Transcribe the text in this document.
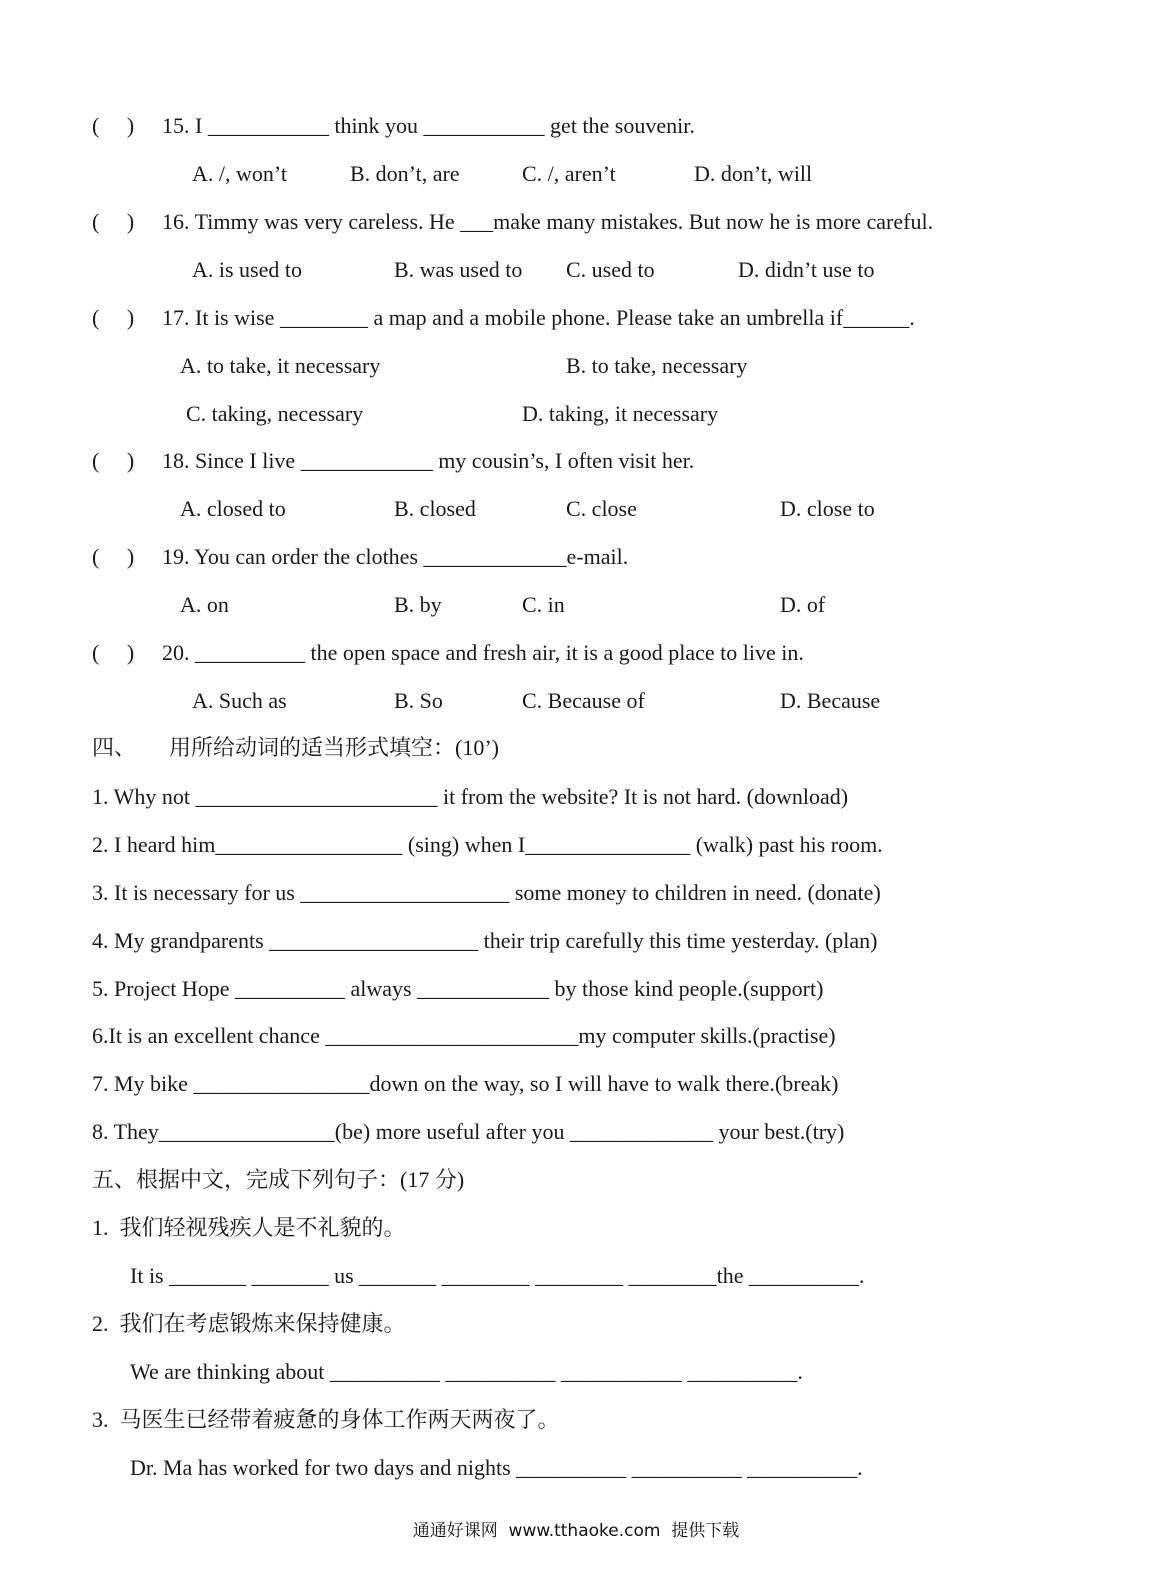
(     ) 15. I ___________ think you ___________ get the souvenir.
A. /, won’t	B. don’t, are	C. /, aren’t	D. don’t, will
(     ) 16. Timmy was very careless. He ___make many mistakes. But now he is more careful.
A. is used to	B. was used to C. used to	D. didn’t use to
(     ) 17. It is wise ________ a map and a mobile phone. Please take an umbrella if______.
A. to take, it necessary	B. to take, necessary
C. taking, necessary	D. taking, it necessary
(     ) 18. Since I live ____________ my cousin’s, I often visit her.
A. closed to	B. closed	C. close	D. close to
(     ) 19. You can order the clothes _____________e-mail.
A. on	B. by	C. in	D. of
(     ) 20. __________ the open space and fresh air, it is a good place to live in.
A. Such as	B. So	C. Because of	D. Because
四、      用所给动词的适当形式填空：(10’)
1. Why not ______________________ it from the website? It is not hard. (download)
2. I heard him_________________ (sing) when I_______________ (walk) past his room.
3. It is necessary for us ___________________ some money to children in need. (donate)
4. My grandparents ___________________ their trip carefully this time yesterday. (plan)
5. Project Hope __________ always ____________ by those kind people.(support)
6.It is an excellent chance _______________________my computer skills.(practise)
7. My bike ________________down on the way, so I will have to walk there.(break)
8. They________________(be) more useful after you _____________ your best.(try)
五、根据中文，完成下列句子：(17 分)
1.  我们轻视残疾人是不礼貌的。
It is _______ _______ us _______ ________ ________ ________the __________.
2.  我们在考虑锻炼来保持健康。
We are thinking about __________ __________ ___________ __________.
3.  马医生已经带着疲惫的身体工作两天两夜了。
Dr. Ma has worked for two days and nights __________ __________ __________.
通通好课网  www.tthaoke.com  提供下载
